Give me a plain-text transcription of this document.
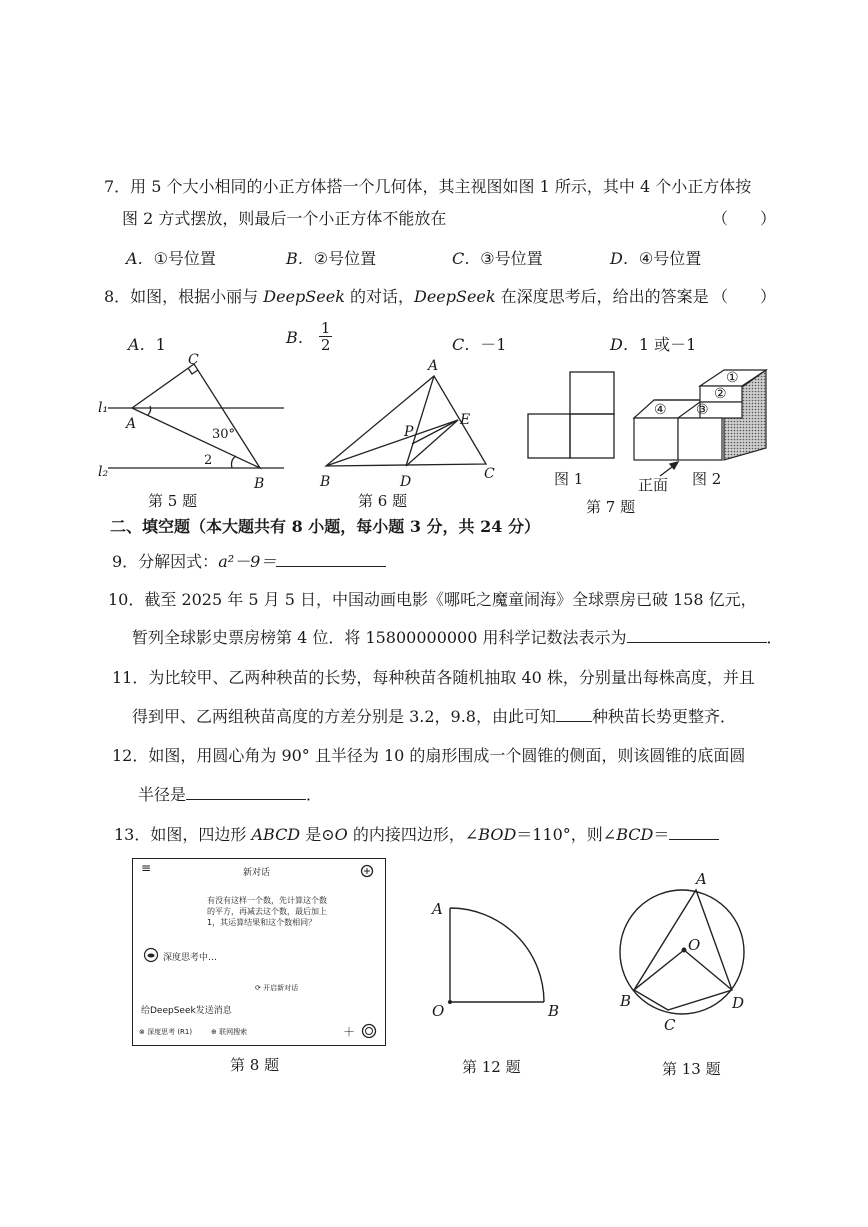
7．用 5 个大小相同的小正方体搭一个几何体，其主视图如图 1 所示，其中 4 个小正方体按
图 2 方式摆放，则最后一个小正方体不能放在	（　　）
A．①号位置	B．②号位置	C．③号位置	D．④号位置
8．如图，根据小丽与 DeepSeek 的对话，DeepSeek 在深度思考后，给出的答案是 （　　）
A．1	B． $\frac{1}{2}$	C．－1	D．1 或－1
l₁
l₂
A
C
B
30°
2
第 5 题
A
B	C
D
E
P
第 6 题
图 1
①
②
③
④
正面 图 2
第 7 题
二、填空题（本大题共有 8 小题，每小题 3 分，共 24 分）
9．分解因式：a²－9＝
10．截至 2025 年 5 月 5 日，中国动画电影《哪吒之魔童闹海》全球票房已破 158 亿元，
暂列全球影史票房榜第 4 位．将 15800000000 用科学记数法表示为	．
11．为比较甲、乙两种秧苗的长势，每种秧苗各随机抽取 40 株，分别量出每株高度，并且
得到甲、乙两组秧苗高度的方差分别是 3.2，9.8，由此可知 种秧苗长势更整齐．
12．如图，用圆心角为 90° 且半径为 10 的扇形围成一个圆锥的侧面，则该圆锥的底面圆
半径是	．
13．如图，四边形 ABCD 是⊙O 的内接四边形，∠BOD＝110°，则∠BCD＝
≡	新对话
有没有这样一个数，先计算这个数
的平方，再减去这个数，最后加上
1，其运算结果和这个数相同？
深度思考中…
⟳ 开启新对话
给DeepSeek发送消息
⊗ 深度思考 (R1)	⊕ 联网搜索	＋
第 8 题
A
O	B
第 12 题
A
B
C
D
O
第 13 题
